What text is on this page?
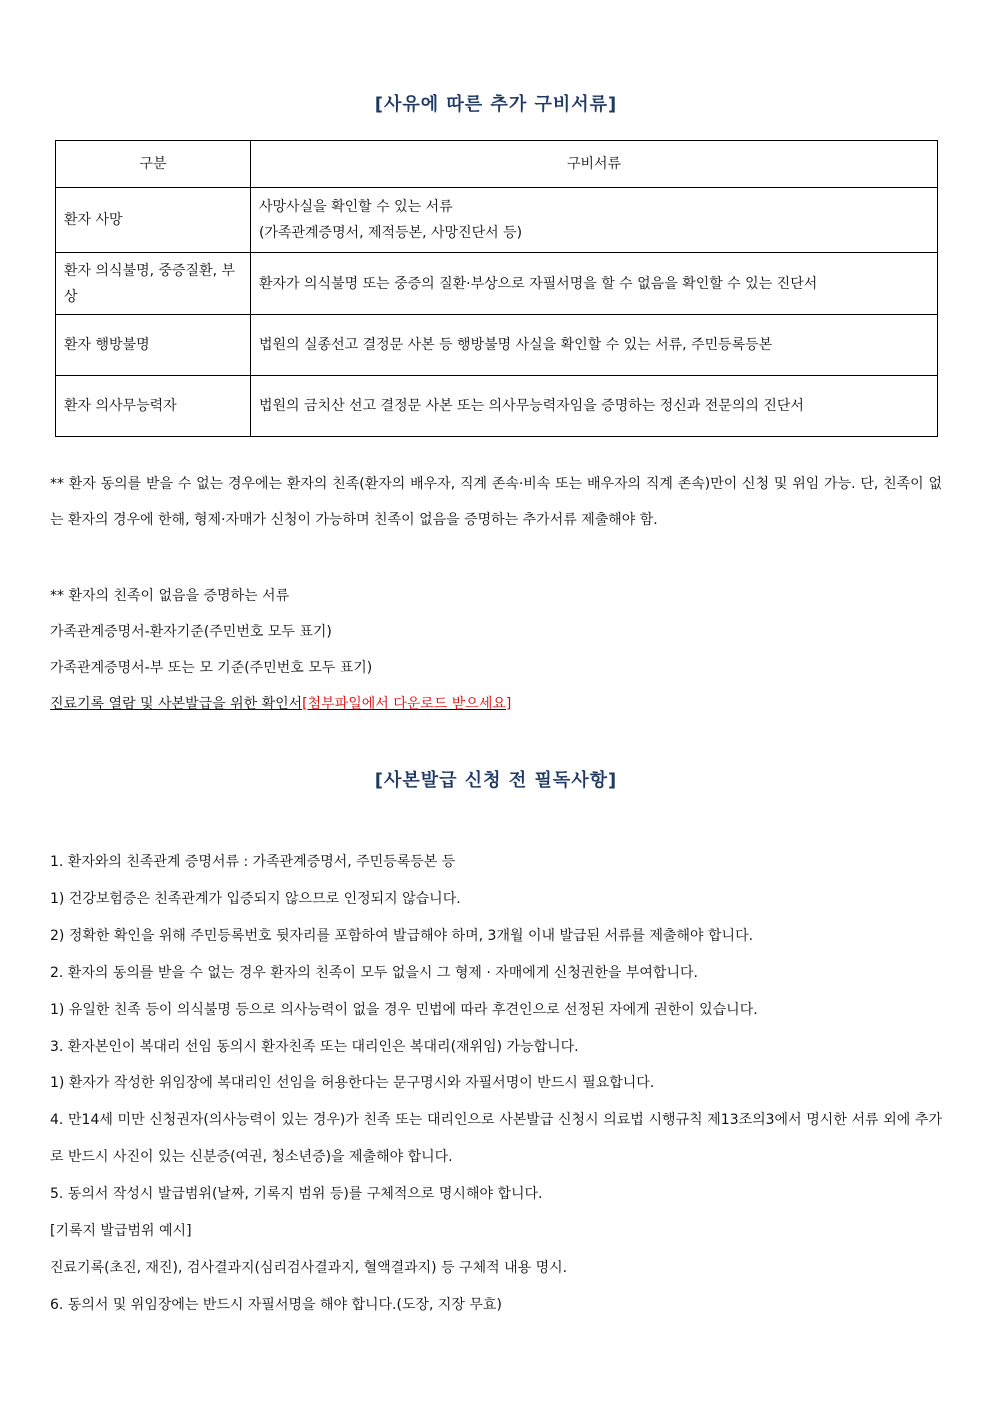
[사유에 따른 추가 구비서류]
구분	구비서류
환자 사망	사망사실을 확인할 수 있는 서류
(가족관계증명서, 제적등본, 사망진단서 등)

환자 의식불명, 중증질환, 부상	환자가 의식불명 또는 중증의 질환·부상으로 자필서명을 할 수 없음을 확인할 수 있는 진단서
환자 행방불명	법원의 실종선고 결정문 사본 등 행방불명 사실을 확인할 수 있는 서류, 주민등록등본
환자 의사무능력자	법원의 금치산 선고 결정문 사본 또는 의사무능력자임을 증명하는 정신과 전문의의 진단서
** 환자 동의를 받을 수 없는 경우에는 환자의 친족(환자의 배우자, 직계 존속·비속 또는 배우자의 직계 존속)만이 신청 및 위임 가능. 단, 친족이 없는 환자의 경우에 한해, 형제·자매가 신청이 가능하며 친족이 없음을 증명하는 추가서류 제출해야 함.
** 환자의 친족이 없음을 증명하는 서류
가족관계증명서-환자기준(주민번호 모두 표기)
가족관계증명서-부 또는 모 기준(주민번호 모두 표기)
진료기록 열람 및 사본발급을 위한 확인서[첨부파일에서 다운로드 받으세요]
[사본발급 신청 전 필독사항]
1. 환자와의 친족관계 증명서류 : 가족관계증명서, 주민등록등본 등
1) 건강보험증은 친족관계가 입증되지 않으므로 인정되지 않습니다.
2) 정확한 확인을 위해 주민등록번호 뒷자리를 포함하여 발급해야 하며, 3개월 이내 발급된 서류를 제출해야 합니다.
2. 환자의 동의를 받을 수 없는 경우 환자의 친족이 모두 없을시 그 형제 · 자매에게 신청권한을 부여합니다.
1) 유일한 친족 등이 의식불명 등으로 의사능력이 없을 경우 민법에 따라 후견인으로 선정된 자에게 권한이 있습니다.
3. 환자본인이 복대리 선임 동의시 환자친족 또는 대리인은 복대리(재위임) 가능합니다.
1) 환자가 작성한 위임장에 복대리인 선임을 허용한다는 문구명시와 자필서명이 반드시 필요합니다.
4. 만14세 미만 신청권자(의사능력이 있는 경우)가 친족 또는 대리인으로 사본발급 신청시 의료법 시행규칙 제13조의3에서 명시한 서류 외에 추가로 반드시 사진이 있는 신분증(여권, 청소년증)을 제출해야 합니다.
5. 동의서 작성시 발급범위(날짜, 기록지 범위 등)를 구체적으로 명시해야 합니다.
[기록지 발급범위 예시]
진료기록(초진, 재진), 검사결과지(심리검사결과지, 혈액결과지) 등 구체적 내용 명시.
6. 동의서 및 위임장에는 반드시 자필서명을 해야 합니다.(도장, 지장 무효)
